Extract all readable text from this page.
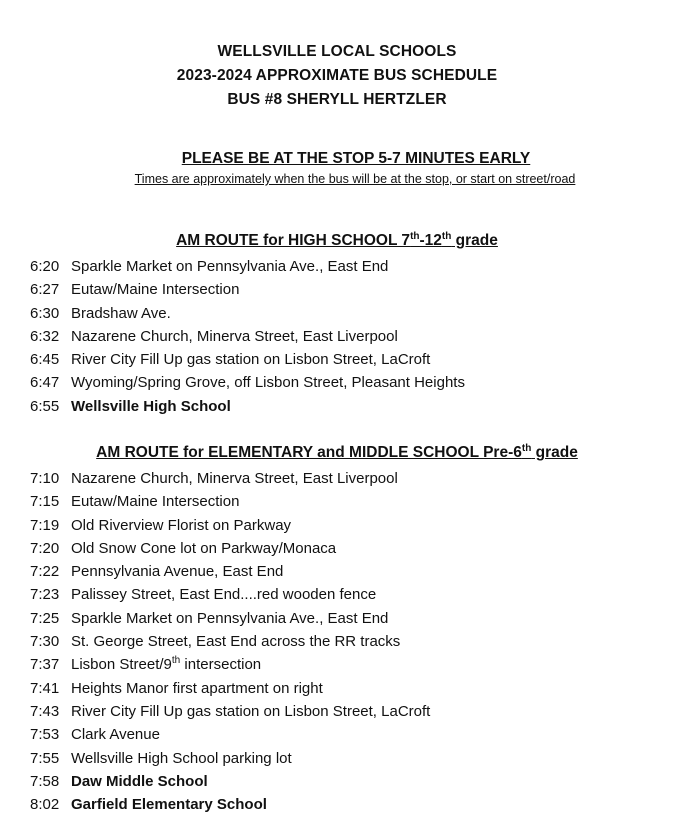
WELLSVILLE LOCAL SCHOOLS
2023-2024 APPROXIMATE BUS SCHEDULE
BUS #8 SHERYLL HERTZLER
PLEASE BE AT THE STOP 5-7 MINUTES EARLY
Times are approximately when the bus will be at the stop, or start on street/road
AM ROUTE for HIGH SCHOOL 7th-12th grade
6:20 Sparkle Market on Pennsylvania Ave., East End
6:27 Eutaw/Maine Intersection
6:30 Bradshaw Ave.
6:32 Nazarene Church, Minerva Street, East Liverpool
6:45 River City Fill Up gas station on Lisbon Street, LaCroft
6:47 Wyoming/Spring Grove, off Lisbon Street, Pleasant Heights
6:55 Wellsville High School
AM ROUTE for ELEMENTARY and MIDDLE SCHOOL Pre-6th grade
7:10 Nazarene Church, Minerva Street, East Liverpool
7:15 Eutaw/Maine Intersection
7:19 Old Riverview Florist on Parkway
7:20 Old Snow Cone lot on Parkway/Monaca
7:22 Pennsylvania Avenue, East End
7:23 Palissey Street, East End....red wooden fence
7:25 Sparkle Market on Pennsylvania Ave., East End
7:30 St. George Street, East End across the RR tracks
7:37 Lisbon Street/9th intersection
7:41 Heights Manor first apartment on right
7:43 River City Fill Up gas station on Lisbon Street, LaCroft
7:53 Clark Avenue
7:55 Wellsville High School parking lot
7:58 Daw Middle School
8:02 Garfield Elementary School
